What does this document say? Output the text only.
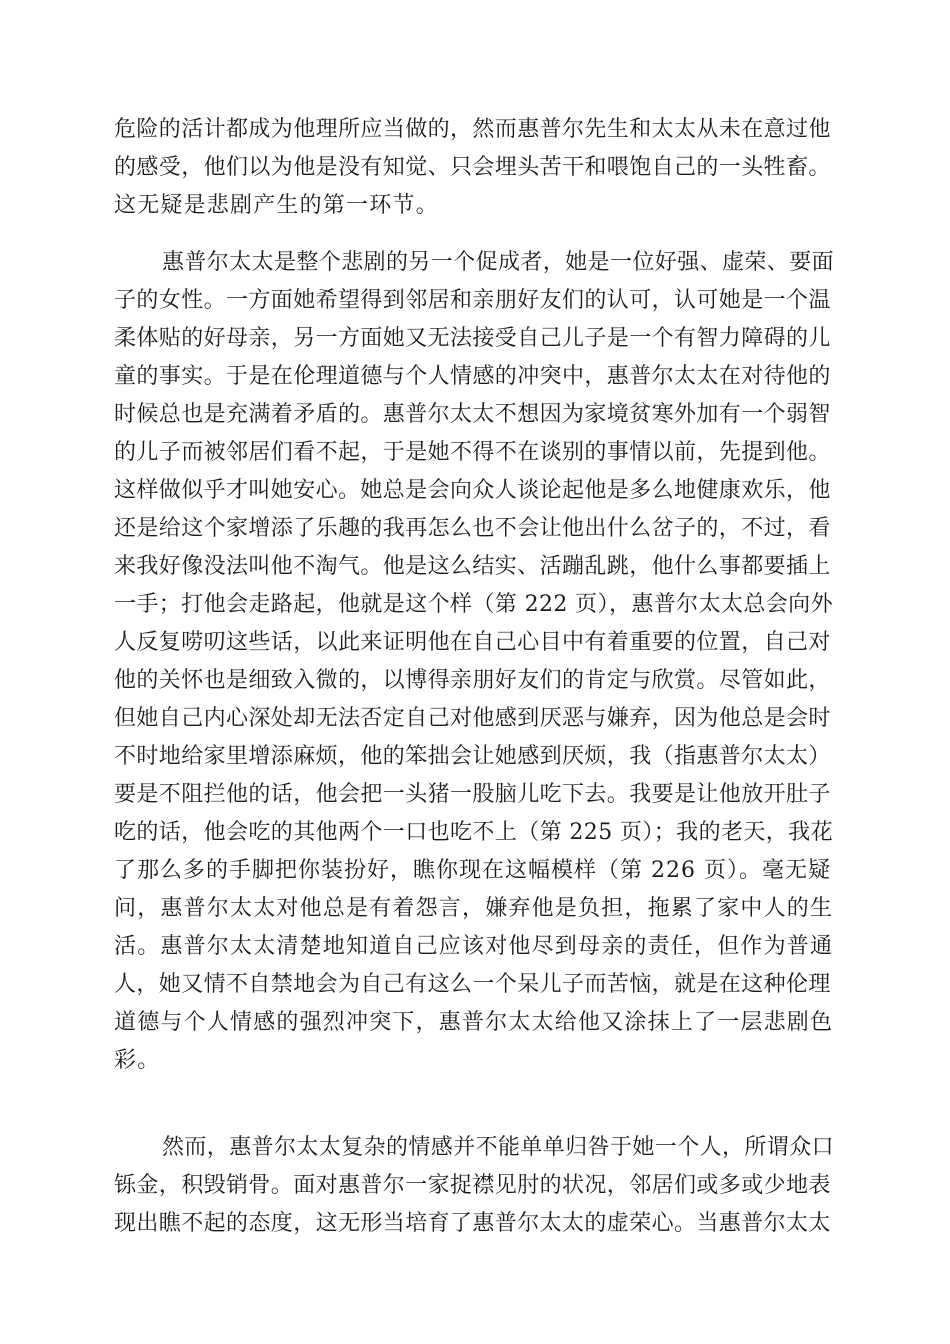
危险的活计都成为他理所应当做的，然而惠普尔先生和太太从未在意过他
的感受，他们以为他是没有知觉、只会埋头苦干和喂饱自己的一头牲畜。
这无疑是悲剧产生的第一环节。
惠普尔太太是整个悲剧的另一个促成者，她是一位好强、虚荣、要面
子的女性。一方面她希望得到邻居和亲朋好友们的认可，认可她是一个温
柔体贴的好母亲，另一方面她又无法接受自己儿子是一个有智力障碍的儿
童的事实。于是在伦理道德与个人情感的冲突中，惠普尔太太在对待他的
时候总也是充满着矛盾的。惠普尔太太不想因为家境贫寒外加有一个弱智
的儿子而被邻居们看不起，于是她不得不在谈别的事情以前，先提到他。
这样做似乎才叫她安心。她总是会向众人谈论起他是多么地健康欢乐，他
还是给这个家增添了乐趣的我再怎么也不会让他出什么岔子的，不过，看
来我好像没法叫他不淘气。他是这么结实、活蹦乱跳，他什么事都要插上
一手；打他会走路起，他就是这个样（第 222 页），惠普尔太太总会向外
人反复唠叨这些话，以此来证明他在自己心目中有着重要的位置，自己对
他的关怀也是细致入微的，以博得亲朋好友们的肯定与欣赏。尽管如此，
但她自己内心深处却无法否定自己对他感到厌恶与嫌弃，因为他总是会时
不时地给家里增添麻烦，他的笨拙会让她感到厌烦，我（指惠普尔太太）
要是不阻拦他的话，他会把一头猪一股脑儿吃下去。我要是让他放开肚子
吃的话，他会吃的其他两个一口也吃不上（第 225 页）；我的老天，我花
了那么多的手脚把你装扮好，瞧你现在这幅模样（第 226 页）。毫无疑
问，惠普尔太太对他总是有着怨言，嫌弃他是负担，拖累了家中人的生
活。惠普尔太太清楚地知道自己应该对他尽到母亲的责任，但作为普通
人，她又情不自禁地会为自己有这么一个呆儿子而苦恼，就是在这种伦理
道德与个人情感的强烈冲突下，惠普尔太太给他又涂抹上了一层悲剧色
彩。
然而，惠普尔太太复杂的情感并不能单单归咎于她一个人，所谓众口
铄金，积毁销骨。面对惠普尔一家捉襟见肘的状况，邻居们或多或少地表
现出瞧不起的态度，这无形当培育了惠普尔太太的虚荣心。当惠普尔太太
